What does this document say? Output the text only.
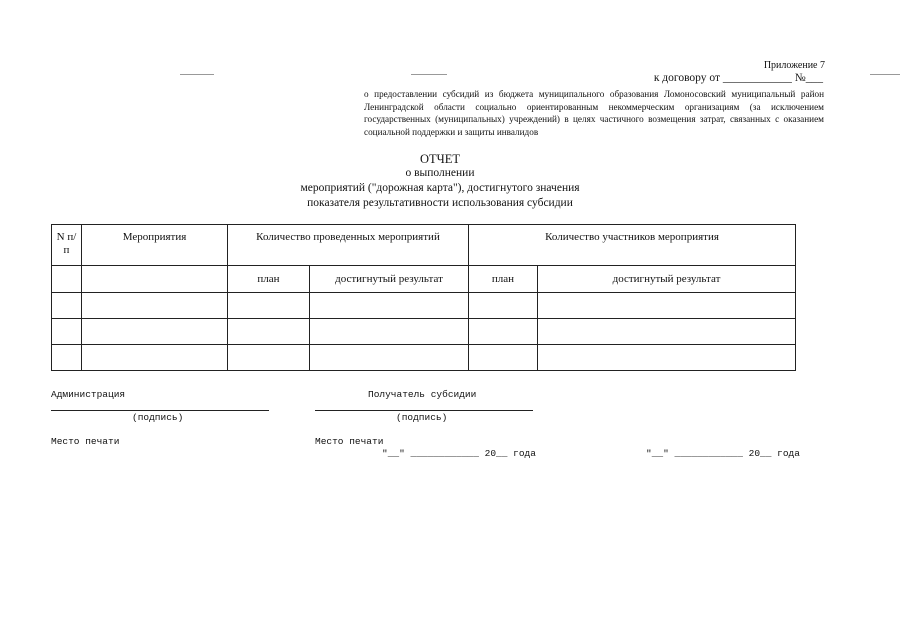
Приложение 7
к договору от ____________ №___
о предоставлении субсидий из бюджета муниципального образования Ломоносовский муниципальный район Ленинградской области социально ориентированным некоммерческим организациям (за исключением государственных (муниципальных) учреждений) в целях частичного возмещения затрат, связанных с оказанием социальной поддержки и защиты инвалидов
ОТЧЕТ
о выполнении
мероприятий ("дорожная карта"), достигнутого значения
показателя результативности использования субсидии
N п/п	Мероприятия	Количество проведенных мероприятий		Количество участников мероприятия	
		план	достигнутый результат	план	достигнутый результат

Администрация
(подпись)
Место печати
Получатель субсидии
(подпись)
Место печати
"__" ____________ 20__ года	"__" ____________ 20__ года
